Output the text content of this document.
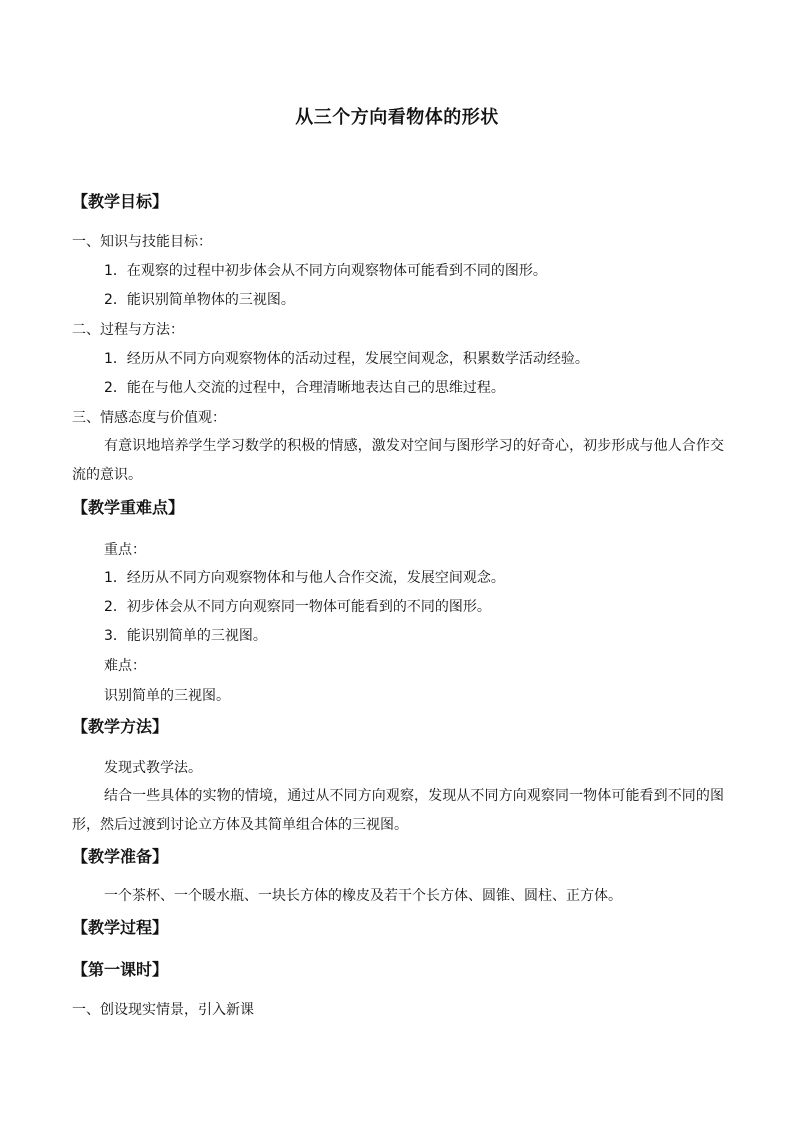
从三个方向看物体的形状
【教学目标】
一、知识与技能目标：
1．在观察的过程中初步体会从不同方向观察物体可能看到不同的图形。
2．能识别简单物体的三视图。
二、过程与方法：
1．经历从不同方向观察物体的活动过程，发展空间观念，积累数学活动经验。
2．能在与他人交流的过程中，合理清晰地表达自己的思维过程。
三、情感态度与价值观：
有意识地培养学生学习数学的积极的情感，激发对空间与图形学习的好奇心，初步形成与他人合作交流的意识。
【教学重难点】
重点：
1．经历从不同方向观察物体和与他人合作交流，发展空间观念。
2．初步体会从不同方向观察同一物体可能看到的不同的图形。
3．能识别简单的三视图。
难点：
识别简单的三视图。
【教学方法】
发现式教学法。
结合一些具体的实物的情境，通过从不同方向观察，发现从不同方向观察同一物体可能看到不同的图形，然后过渡到讨论立方体及其简单组合体的三视图。
【教学准备】
一个茶杯、一个暖水瓶、一块长方体的橡皮及若干个长方体、圆锥、圆柱、正方体。
【教学过程】
【第一课时】
一、创设现实情景，引入新课
